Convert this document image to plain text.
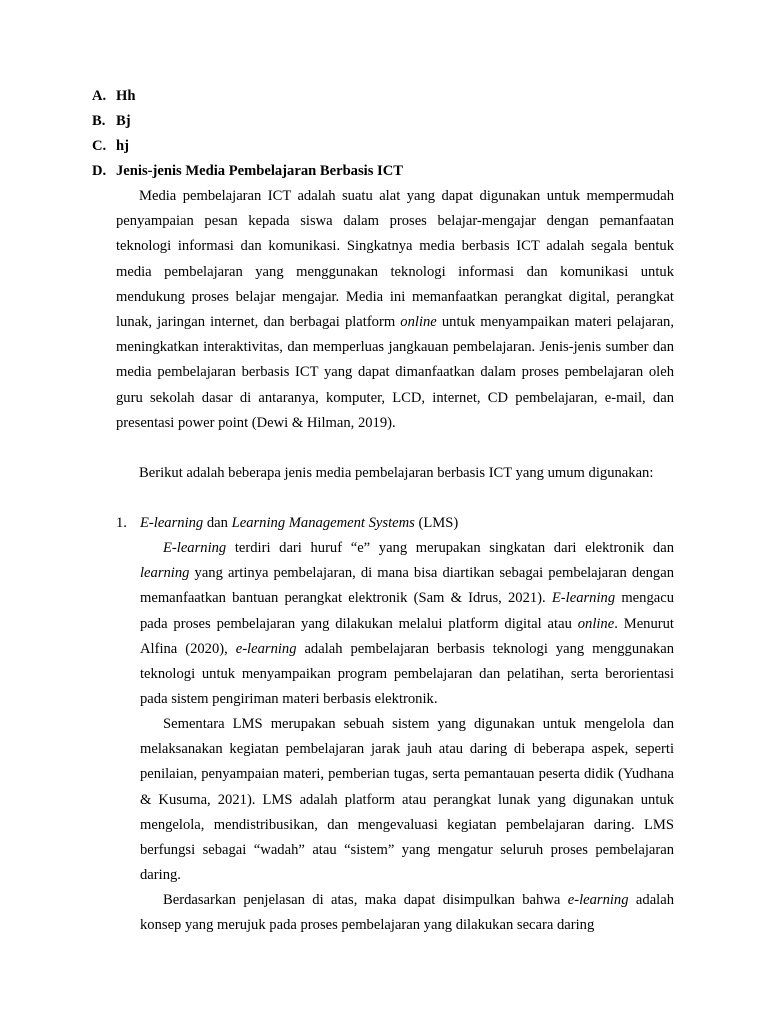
A. Hh
B. Bj
C. hj
D. Jenis-jenis Media Pembelajaran Berbasis ICT

Media pembelajaran ICT adalah suatu alat yang dapat digunakan untuk mempermudah penyampaian pesan kepada siswa dalam proses belajar-mengajar dengan pemanfaatan teknologi informasi dan komunikasi. Singkatnya media berbasis ICT adalah segala bentuk media pembelajaran yang menggunakan teknologi informasi dan komunikasi untuk mendukung proses belajar mengajar. Media ini memanfaatkan perangkat digital, perangkat lunak, jaringan internet, dan berbagai platform online untuk menyampaikan materi pelajaran, meningkatkan interaktivitas, dan memperluas jangkauan pembelajaran. Jenis-jenis sumber dan media pembelajaran berbasis ICT yang dapat dimanfaatkan dalam proses pembelajaran oleh guru sekolah dasar di antaranya, komputer, LCD, internet, CD pembelajaran, e-mail, dan presentasi power point (Dewi & Hilman, 2019).

Berikut adalah beberapa jenis media pembelajaran berbasis ICT yang umum digunakan:

1. E-learning dan Learning Management Systems (LMS)

E-learning terdiri dari huruf “e” yang merupakan singkatan dari elektronik dan learning yang artinya pembelajaran, di mana bisa diartikan sebagai pembelajaran dengan memanfaatkan bantuan perangkat elektronik (Sam & Idrus, 2021). E-learning mengacu pada proses pembelajaran yang dilakukan melalui platform digital atau online. Menurut Alfina (2020), e-learning adalah pembelajaran berbasis teknologi yang menggunakan teknologi untuk menyampaikan program pembelajaran dan pelatihan, serta berorientasi pada sistem pengiriman materi berbasis elektronik.

Sementara LMS merupakan sebuah sistem yang digunakan untuk mengelola dan melaksanakan kegiatan pembelajaran jarak jauh atau daring di beberapa aspek, seperti penilaian, penyampaian materi, pemberian tugas, serta pemantauan peserta didik (Yudhana & Kusuma, 2021). LMS adalah platform atau perangkat lunak yang digunakan untuk mengelola, mendistribusikan, dan mengevaluasi kegiatan pembelajaran daring. LMS berfungsi sebagai “wadah” atau “sistem” yang mengatur seluruh proses pembelajaran daring.

Berdasarkan penjelasan di atas, maka dapat disimpulkan bahwa e-learning adalah konsep yang merujuk pada proses pembelajaran yang dilakukan secara daring
